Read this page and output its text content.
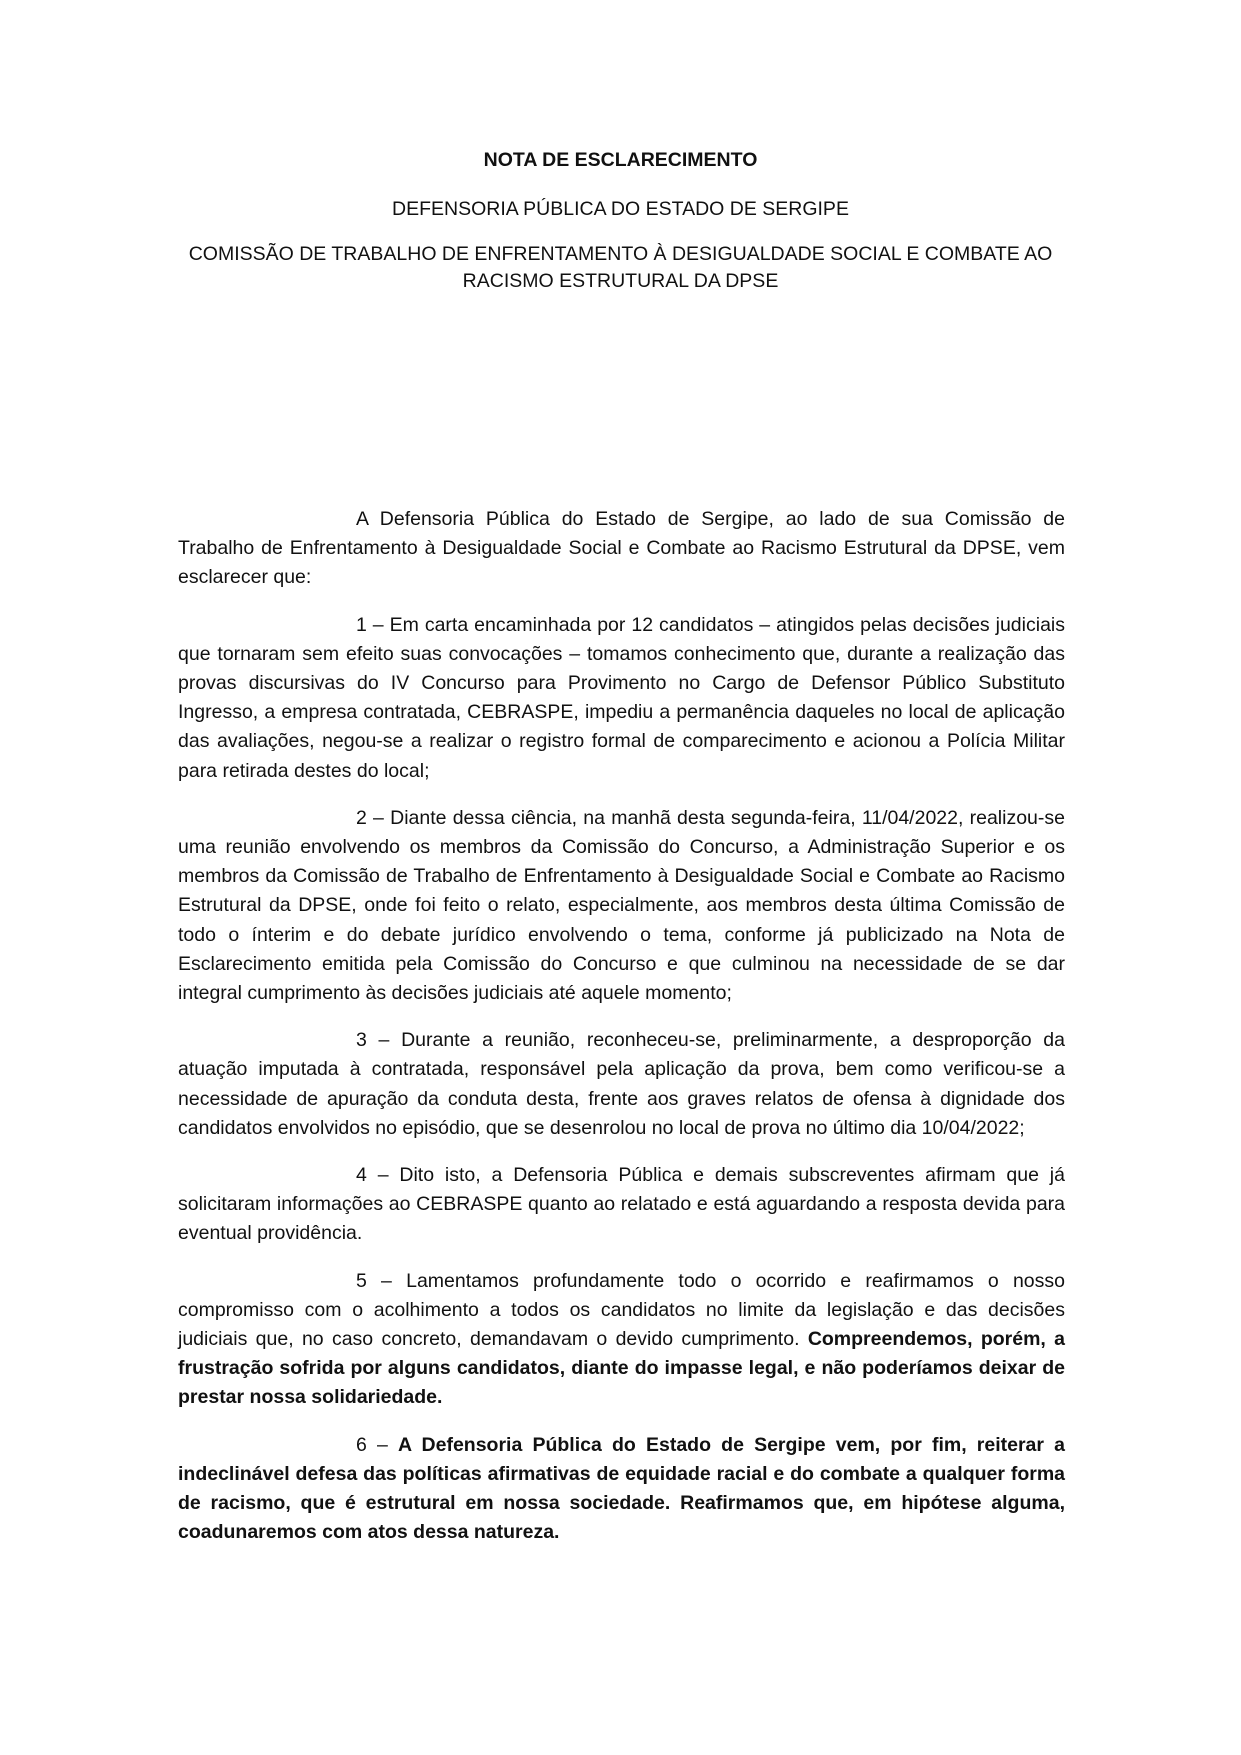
NOTA DE ESCLARECIMENTO
DEFENSORIA PÚBLICA DO ESTADO DE SERGIPE
COMISSÃO DE TRABALHO DE ENFRENTAMENTO À DESIGUALDADE SOCIAL E COMBATE AO RACISMO ESTRUTURAL DA DPSE

A Defensoria Pública do Estado de Sergipe, ao lado de sua Comissão de Trabalho de Enfrentamento à Desigualdade Social e Combate ao Racismo Estrutural da DPSE, vem esclarecer que:

1 – Em carta encaminhada por 12 candidatos – atingidos pelas decisões judiciais que tornaram sem efeito suas convocações – tomamos conhecimento que, durante a realização das provas discursivas do IV Concurso para Provimento no Cargo de Defensor Público Substituto Ingresso, a empresa contratada, CEBRASPE, impediu a permanência daqueles no local de aplicação das avaliações, negou-se a realizar o registro formal de comparecimento e acionou a Polícia Militar para retirada destes do local;

2 – Diante dessa ciência, na manhã desta segunda-feira, 11/04/2022, realizou-se uma reunião envolvendo os membros da Comissão do Concurso, a Administração Superior e os membros da Comissão de Trabalho de Enfrentamento à Desigualdade Social e Combate ao Racismo Estrutural da DPSE, onde foi feito o relato, especialmente, aos membros desta última Comissão de todo o ínterim e do debate jurídico envolvendo o tema, conforme já publicizado na Nota de Esclarecimento emitida pela Comissão do Concurso e que culminou na necessidade de se dar integral cumprimento às decisões judiciais até aquele momento;

3 – Durante a reunião, reconheceu-se, preliminarmente, a desproporção da atuação imputada à contratada, responsável pela aplicação da prova, bem como verificou-se a necessidade de apuração da conduta desta, frente aos graves relatos de ofensa à dignidade dos candidatos envolvidos no episódio, que se desenrolou no local de prova no último dia 10/04/2022;

4 – Dito isto, a Defensoria Pública e demais subscreventes afirmam que já solicitaram informações ao CEBRASPE quanto ao relatado e está aguardando a resposta devida para eventual providência.

5 – Lamentamos profundamente todo o ocorrido e reafirmamos o nosso compromisso com o acolhimento a todos os candidatos no limite da legislação e das decisões judiciais que, no caso concreto, demandavam o devido cumprimento. Compreendemos, porém, a frustração sofrida por alguns candidatos, diante do impasse legal, e não poderíamos deixar de prestar nossa solidariedade.

6 – A Defensoria Pública do Estado de Sergipe vem, por fim, reiterar a indeclinável defesa das políticas afirmativas de equidade racial e do combate a qualquer forma de racismo, que é estrutural em nossa sociedade. Reafirmamos que, em hipótese alguma, coadunaremos com atos dessa natureza.
